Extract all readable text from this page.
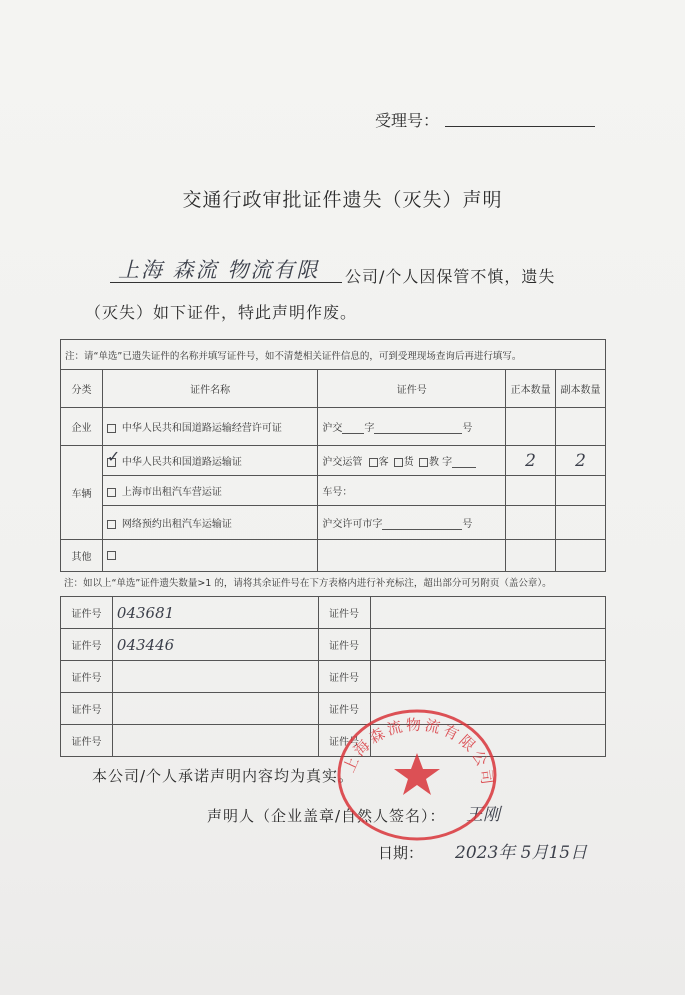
受理号：
交通行政审批证件遗失（灭失）声明
上海 森流 物流有限 公司/个人因保管不慎，遗失
（灭失）如下证件，特此声明作废。
注：请“单选”已遗失证件的名称并填写证件号，如不清楚相关证件信息的，可到受理现场查询后再进行填写。				
分类	证件名称	证件号	正本数量	副本数量
企业	中华人民共和国道路运输经营许可证	沪交 字 号		
车辆	✓ 中华人民共和国道路运输证	沪交运管 客 货 教 字	2	2
	上海市出租汽车营运证	车号：		
	网络预约出租汽车运输证	沪交许可市字 号		
其他				
注：如以上“单选”证件遗失数量>1 的，请将其余证件号在下方表格内进行补充标注，超出部分可另附页（盖公章）。
证件号	043681	证件号	
证件号	043446	证件号	
证件号		证件号	
证件号		证件号	
证件号		证件号	
本公司/个人承诺声明内容均为真实。
声明人（企业盖章/自然人签名）： 王刚
日期： 2023年 5月15日
上海森流物流有限公司
